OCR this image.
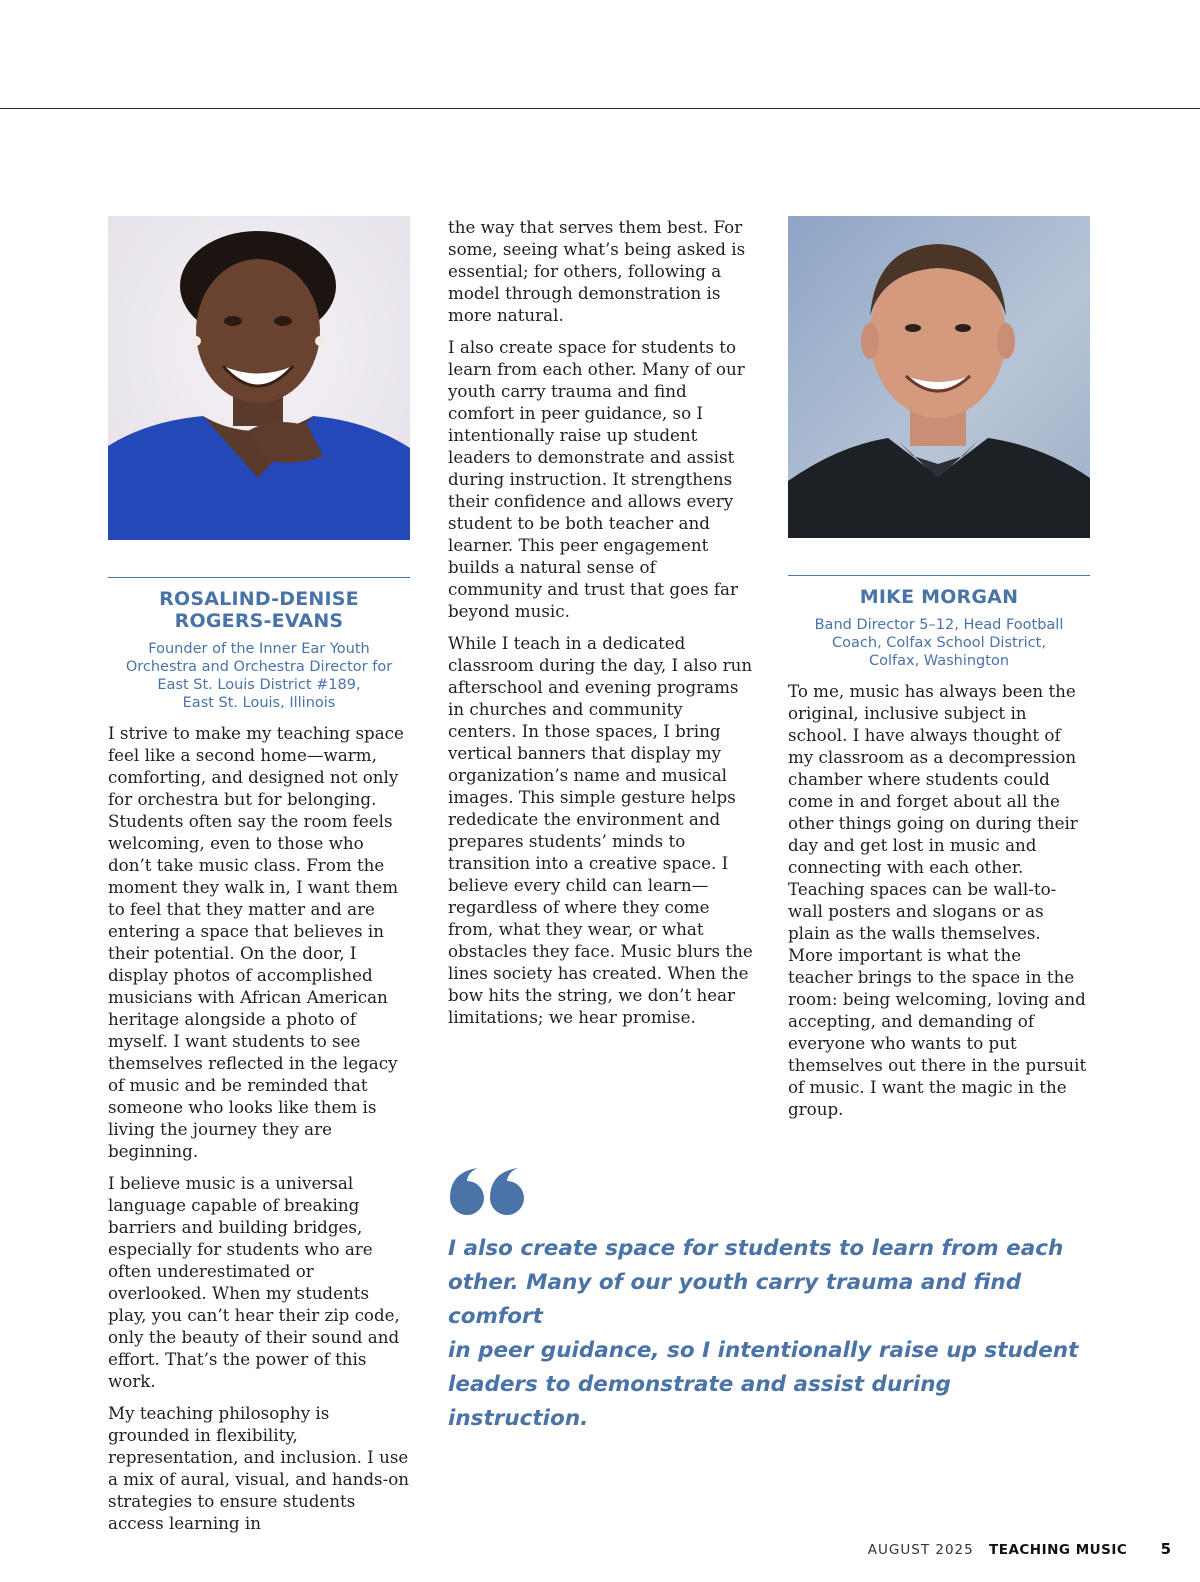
ROSALIND-DENISE
ROGERS-EVANS
Founder of the Inner Ear Youth
Orchestra and Orchestra Director for
East St. Louis District #189,
East St. Louis, Illinois

I strive to make my teaching space feel like a second home—warm, comforting, and designed not only for orchestra but for belonging. Students often say the room feels welcoming, even to those who don’t take music class. From the moment they walk in, I want them to feel that they matter and are entering a space that believes in their potential. On the door, I display photos of accomplished musicians with African American heritage alongside a photo of myself. I want students to see themselves reflected in the legacy of music and be reminded that someone who looks like them is living the journey they are beginning.

I believe music is a universal language capable of breaking barriers and building bridges, especially for students who are often underestimated or overlooked. When my students play, you can’t hear their zip code, only the beauty of their sound and effort. That’s the power of this work.

My teaching philosophy is grounded in flexibility, representation, and inclusion. I use a mix of aural, visual, and hands-on strategies to ensure students access learning in

the way that serves them best. For some, seeing what’s being asked is essential; for others, following a model through demonstration is more natural.

I also create space for students to learn from each other. Many of our youth carry trauma and find comfort in peer guidance, so I intentionally raise up student leaders to demonstrate and assist during instruction. It strengthens their confidence and allows every student to be both teacher and learner. This peer engagement builds a natural sense of community and trust that goes far beyond music.

While I teach in a dedicated classroom during the day, I also run afterschool and evening programs in churches and community centers. In those spaces, I bring vertical banners that display my organization’s name and musical images. This simple gesture helps rededicate the environment and prepares students’ minds to transition into a creative space. I believe every child can learn—regardless of where they come from, what they wear, or what obstacles they face. Music blurs the lines society has created. When the bow hits the string, we don’t hear limitations; we hear promise.

MIKE MORGAN
Band Director 5–12, Head Football
Coach, Colfax School District,
Colfax, Washington

To me, music has always been the original, inclusive subject in school. I have always thought of my classroom as a decompression chamber where students could come in and forget about all the other things going on during their day and get lost in music and connecting with each other. Teaching spaces can be wall-to-wall posters and slogans or as plain as the walls themselves. More important is what the teacher brings to the space in the room: being welcoming, loving and accepting, and demanding of everyone who wants to put themselves out there in the pursuit of music. I want the magic in the group.

I also create space for students to learn from each
other. Many of our youth carry trauma and find comfort
in peer guidance, so I intentionally raise up student
leaders to demonstrate and assist during instruction.
AUGUST 2025 TEACHING MUSIC 5
